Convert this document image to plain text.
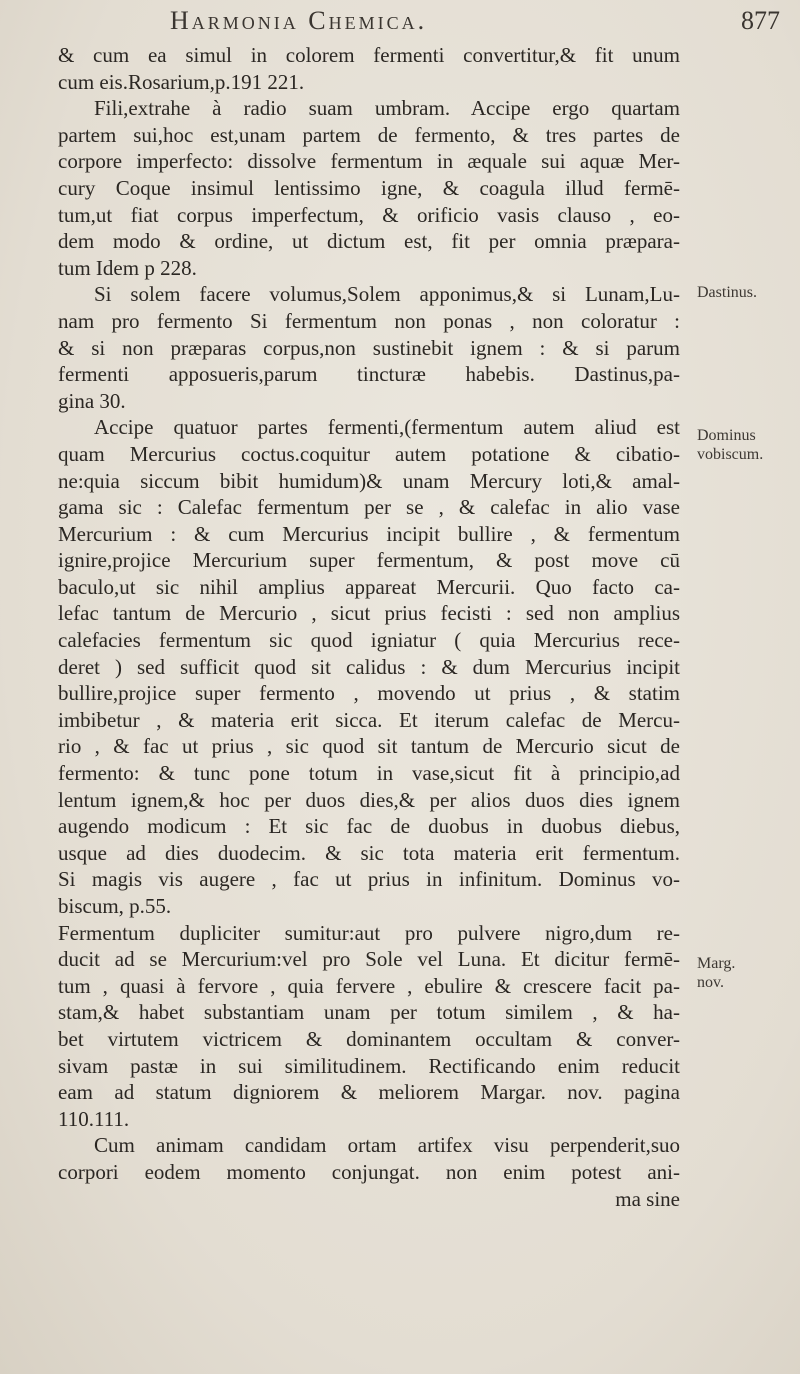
Harmonia Chemica.	877
& cum ea simul in colorem fermenti convertitur,& fit unum
cum eis.Rosarium,p.191 221.
Fili,extrahe à radio suam umbram. Accipe ergo quartam
partem sui,hoc est,unam partem de fermento, & tres partes de
corpore imperfecto: dissolve fermentum in æquale sui aquæ Mer-
cury Coque insimul lentissimo igne, & coagula illud fermē-
tum,ut fiat corpus imperfectum, & orificio vasis clauso , eo-
dem modo & ordine, ut dictum est, fit per omnia præpara-
tum Idem p 228.
Si solem facere volumus,Solem apponimus,& si Lunam,Lu-
nam pro fermento Si fermentum non ponas , non coloratur :
& si non præparas corpus,non sustinebit ignem : & si parum
fermenti apposueris,parum tincturæ habebis. Dastinus,pa-
gina 30.
Accipe quatuor partes fermenti,(fermentum autem aliud est
quam Mercurius coctus.coquitur autem potatione & cibatio-
ne:quia siccum bibit humidum)& unam Mercury loti,& amal-
gama sic : Calefac fermentum per se , & calefac in alio vase
Mercurium : & cum Mercurius incipit bullire , & fermentum
ignire,projice Mercurium super fermentum, & post move cū
baculo,ut sic nihil amplius appareat Mercurii. Quo facto ca-
lefac tantum de Mercurio , sicut prius fecisti : sed non amplius
calefacies fermentum sic quod igniatur ( quia Mercurius rece-
deret ) sed sufficit quod sit calidus : & dum Mercurius incipit
bullire,projice super fermento , movendo ut prius , & statim
imbibetur , & materia erit sicca. Et iterum calefac de Mercu-
rio , & fac ut prius , sic quod sit tantum de Mercurio sicut de
fermento: & tunc pone totum in vase,sicut fit à principio,ad
lentum ignem,& hoc per duos dies,& per alios duos dies ignem
augendo modicum : Et sic fac de duobus in duobus diebus,
usque ad dies duodecim. & sic tota materia erit fermentum.
Si magis vis augere , fac ut prius in infinitum. Dominus vo-
biscum, p.55.
Fermentum dupliciter sumitur:aut pro pulvere nigro,dum re-
ducit ad se Mercurium:vel pro Sole vel Luna. Et dicitur fermē-
tum , quasi à fervore , quia fervere , ebulire & crescere facit pa-
stam,& habet substantiam unam per totum similem , & ha-
bet virtutem victricem & dominantem occultam & conver-
sivam pastæ in sui similitudinem. Rectificando enim reducit
eam ad statum digniorem & meliorem Margar. nov. pagina
110.111.
Cum animam candidam ortam artifex visu perpenderit,suo
corpori eodem momento conjungat. non enim potest ani-
ma sine
Dastinus.
Dominus
vobiscum.
Marg.
nov.
